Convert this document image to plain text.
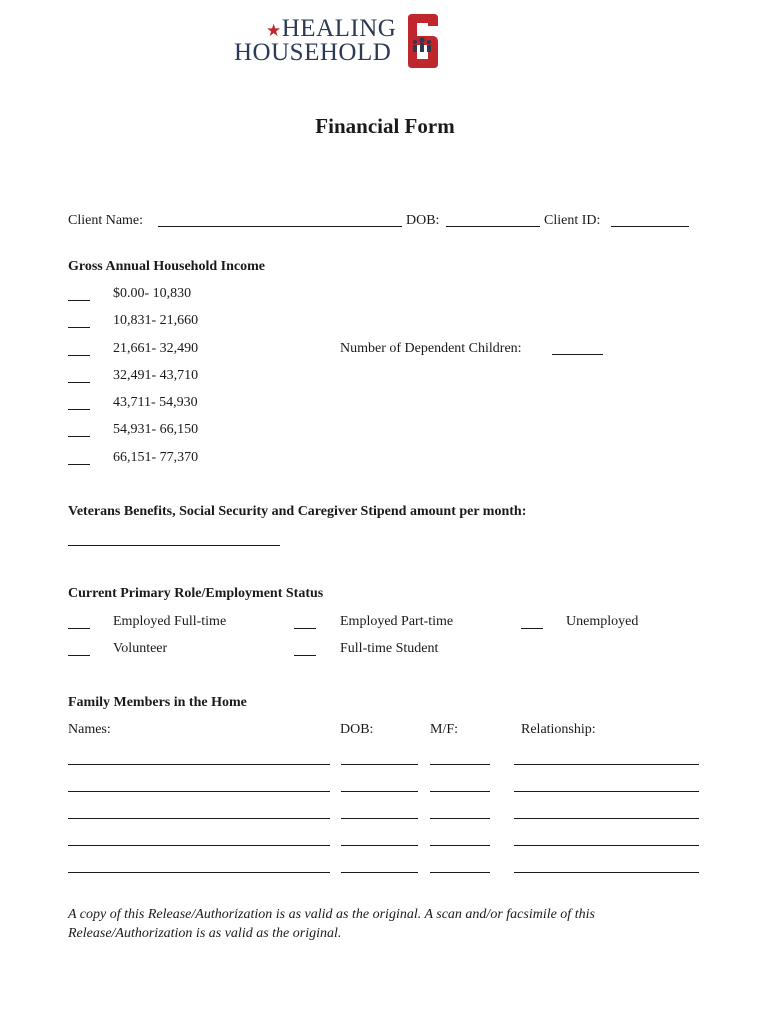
★HEALING
HOUSEHOLD
Financial Form
Client Name:	DOB:	Client ID:
Gross Annual Household Income
$0.00- 10,830
10,831- 21,660
21,661- 32,490
32,491- 43,710
43,711- 54,930
54,931- 66,150
66,151- 77,370
Number of Dependent Children:
Veterans Benefits, Social Security and Caregiver Stipend amount per month:
Current Primary Role/Employment Status
Employed Full-time	Employed Part-time	Unemployed
Volunteer	Full-time Student
Family Members in the Home
Names:	DOB:	M/F:	Relationship:
A copy of this Release/Authorization is as valid as the original. A scan and/or facsimile of this
Release/Authorization is as valid as the original.
